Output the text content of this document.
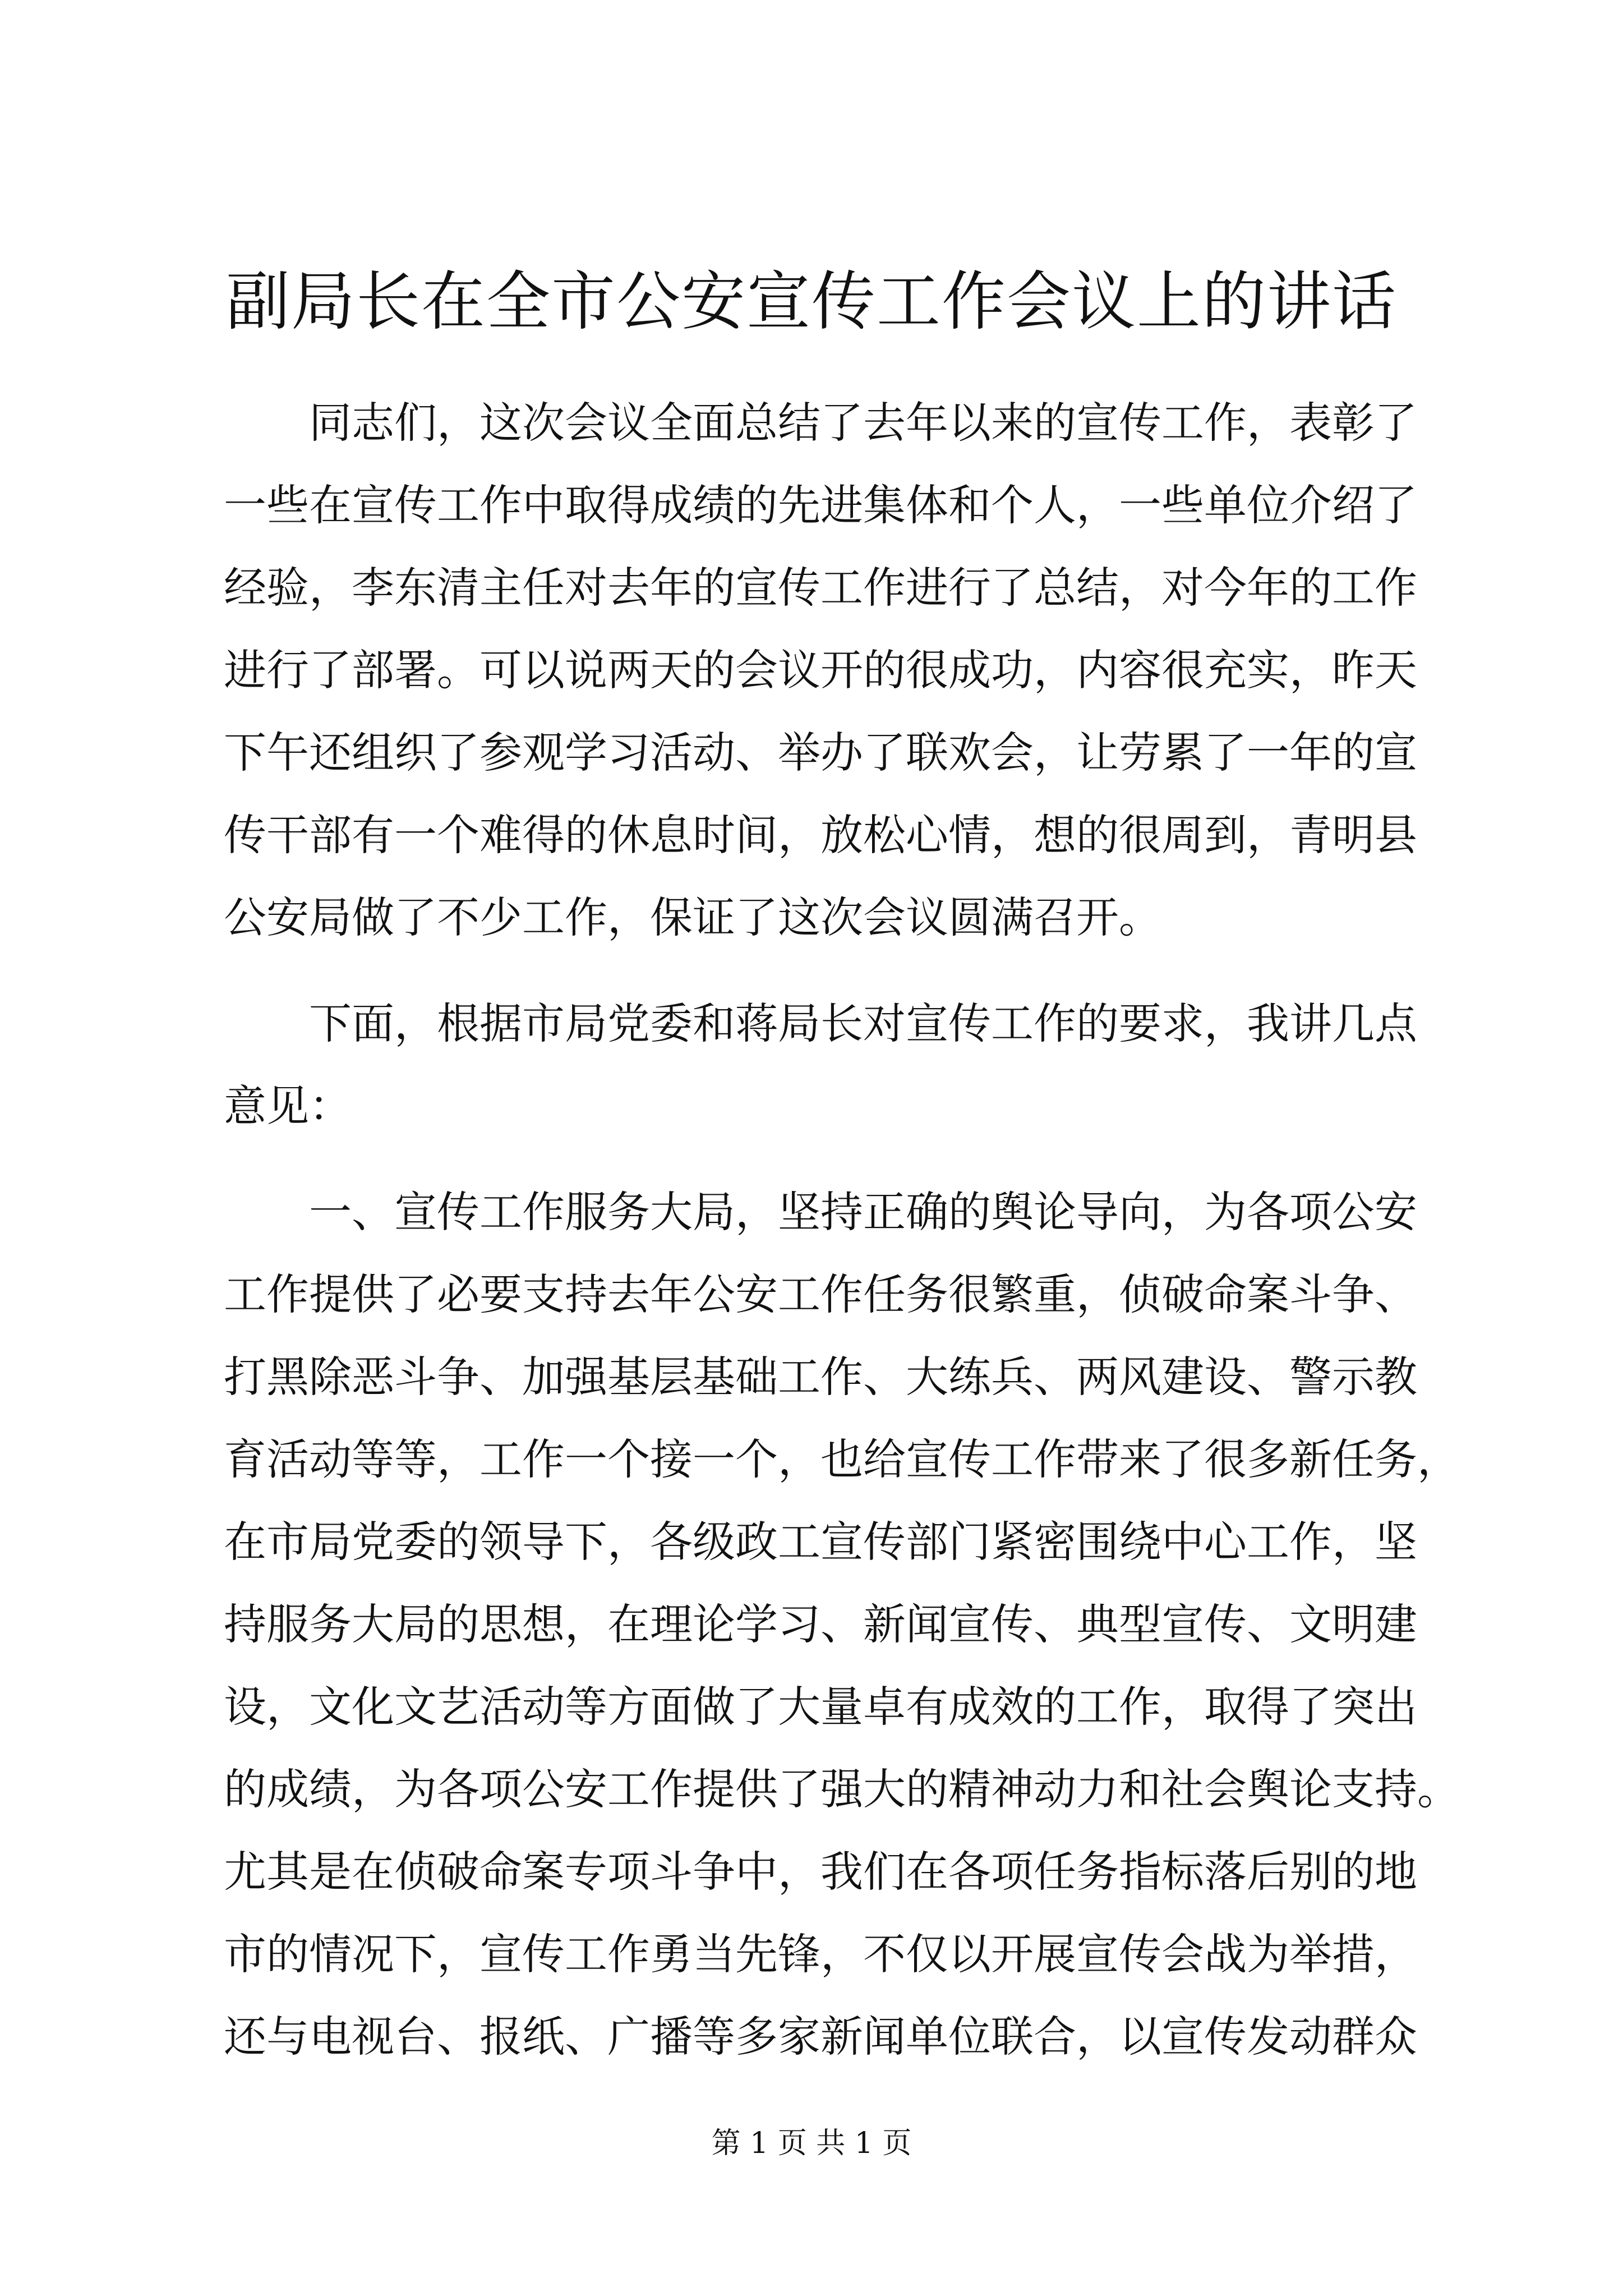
副局长在全市公安宣传工作会议上的讲话
同志们，这次会议全面总结了去年以来的宣传工作，表彰了
一些在宣传工作中取得成绩的先进集体和个人，一些单位介绍了
经验，李东清主任对去年的宣传工作进行了总结，对今年的工作
进行了部署。可以说两天的会议开的很成功，内容很充实，昨天
下午还组织了参观学习活动、举办了联欢会，让劳累了一年的宣
传干部有一个难得的休息时间，放松心情，想的很周到，青明县
公安局做了不少工作，保证了这次会议圆满召开。
下面，根据市局党委和蒋局长对宣传工作的要求，我讲几点
意见：
一、宣传工作服务大局，坚持正确的舆论导向，为各项公安
工作提供了必要支持去年公安工作任务很繁重，侦破命案斗争、
打黑除恶斗争、加强基层基础工作、大练兵、两风建设、警示教
育活动等等，工作一个接一个，也给宣传工作带来了很多新任务，
在市局党委的领导下，各级政工宣传部门紧密围绕中心工作，坚
持服务大局的思想，在理论学习、新闻宣传、典型宣传、文明建
设，文化文艺活动等方面做了大量卓有成效的工作，取得了突出
的成绩，为各项公安工作提供了强大的精神动力和社会舆论支持。
尤其是在侦破命案专项斗争中，我们在各项任务指标落后别的地
市的情况下，宣传工作勇当先锋，不仅以开展宣传会战为举措，
还与电视台、报纸、广播等多家新闻单位联合，以宣传发动群众
第 1 页 共 1 页
